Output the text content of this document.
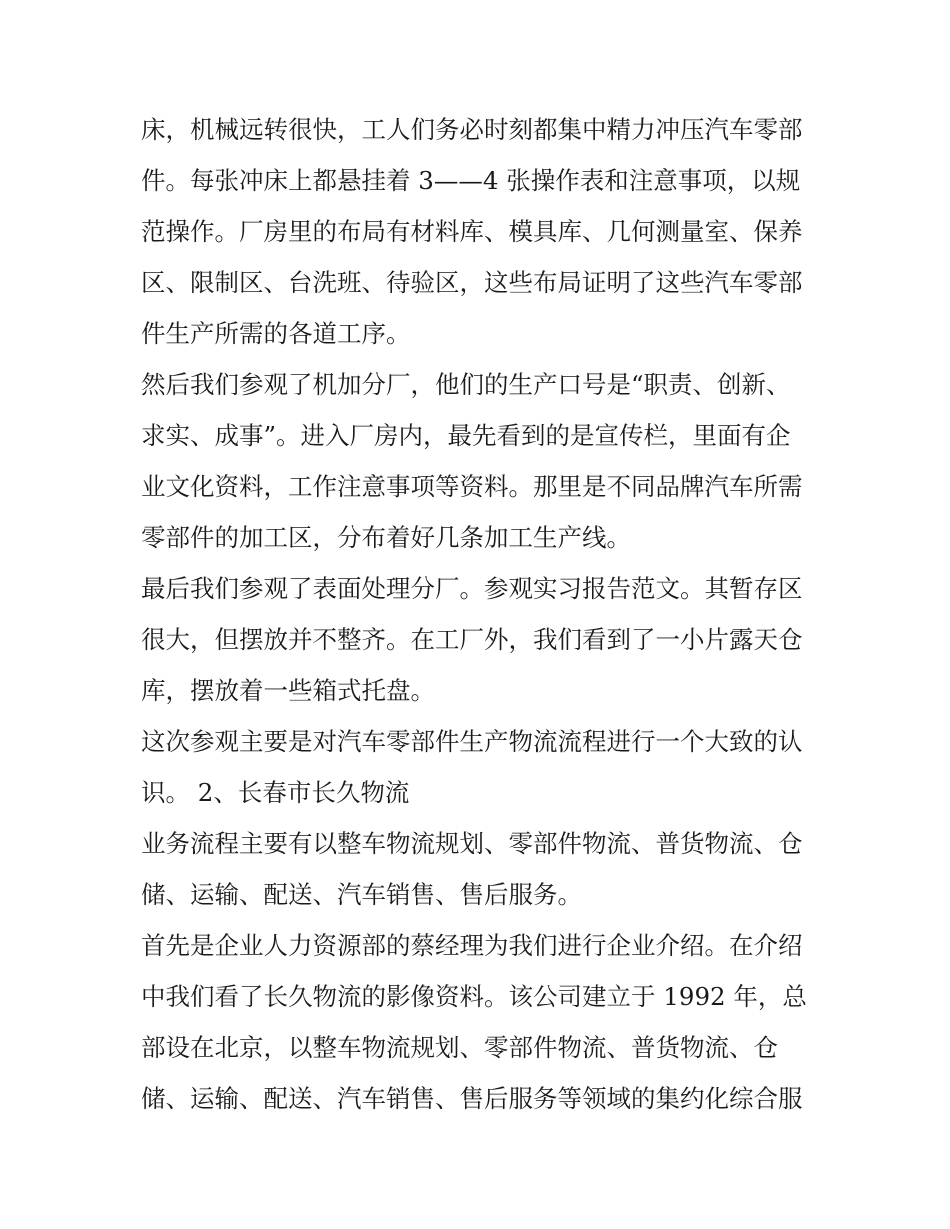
床，机械远转很快，工人们务必时刻都集中精力冲压汽车零部
件。每张冲床上都悬挂着 3——4 张操作表和注意事项，以规
范操作。厂房里的布局有材料库、模具库、几何测量室、保养
区、限制区、台洗班、待验区，这些布局证明了这些汽车零部
件生产所需的各道工序。

然后我们参观了机加分厂，他们的生产口号是“职责、创新、
求实、成事”。进入厂房内，最先看到的是宣传栏，里面有企
业文化资料，工作注意事项等资料。那里是不同品牌汽车所需
零部件的加工区，分布着好几条加工生产线。

最后我们参观了表面处理分厂。参观实习报告范文。其暂存区
很大，但摆放并不整齐。在工厂外，我们看到了一小片露天仓
库，摆放着一些箱式托盘。

这次参观主要是对汽车零部件生产物流流程进行一个大致的认
识。 2、长春市长久物流

业务流程主要有以整车物流规划、零部件物流、普货物流、仓
储、运输、配送、汽车销售、售后服务。

首先是企业人力资源部的蔡经理为我们进行企业介绍。在介绍
中我们看了长久物流的影像资料。该公司建立于 1992 年，总
部设在北京，以整车物流规划、零部件物流、普货物流、仓
储、运输、配送、汽车销售、售后服务等领域的集约化综合服
